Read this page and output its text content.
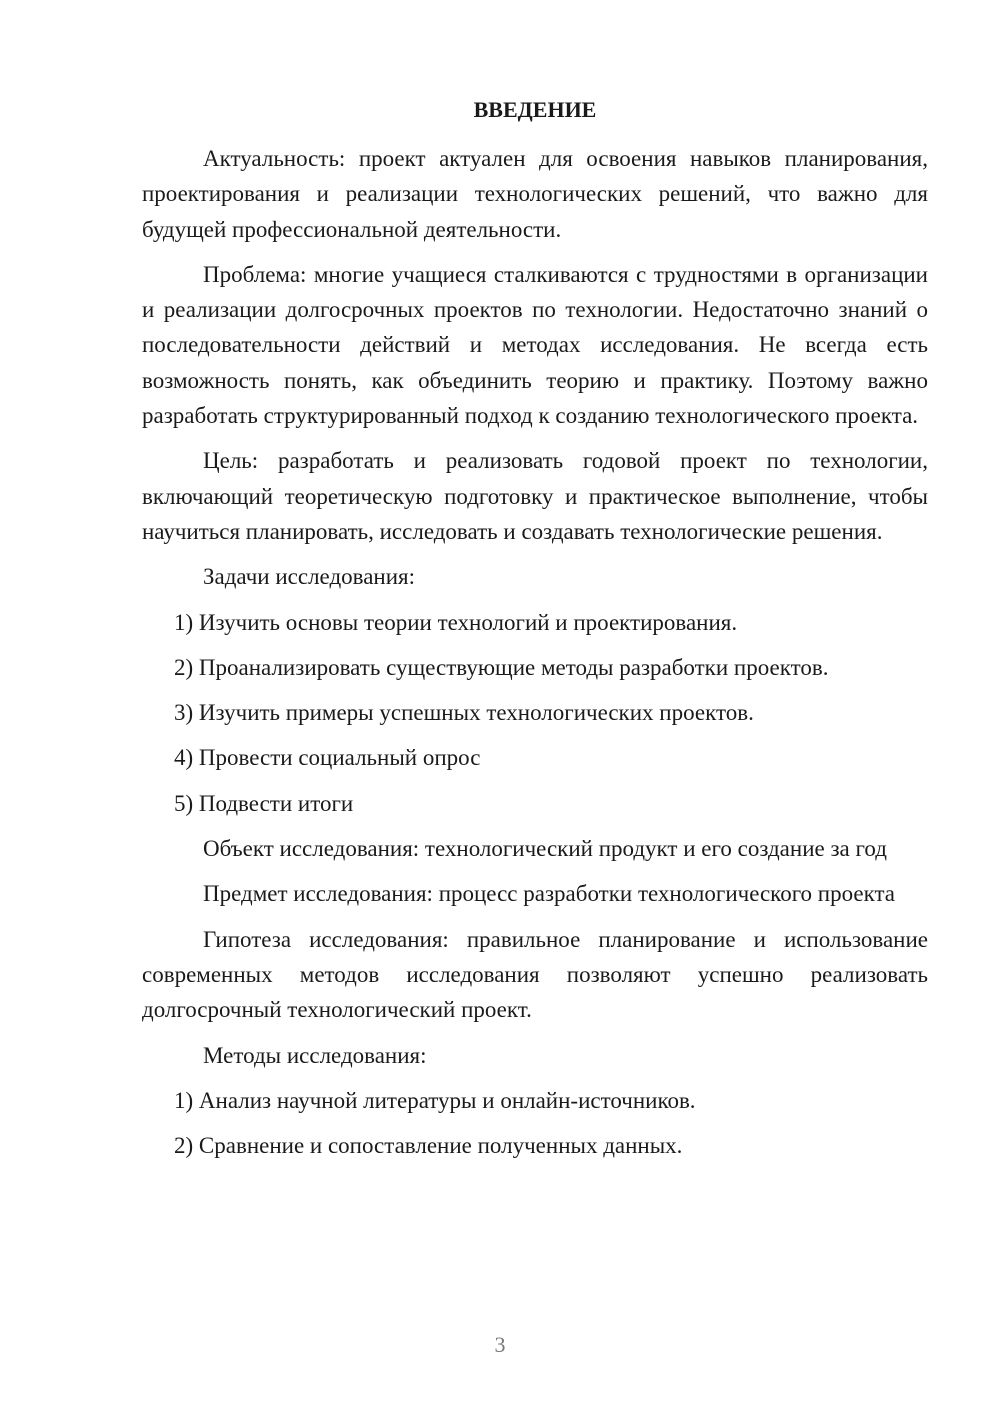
ВВЕДЕНИЕ

Актуальность: проект актуален для освоения навыков планирования, проектирования и реализации технологических решений, что важно для будущей профессиональной деятельности.

Проблема: многие учащиеся сталкиваются с трудностями в организации и реализации долгосрочных проектов по технологии. Недостаточно знаний о последовательности действий и методах исследования. Не всегда есть возможность понять, как объединить теорию и практику. Поэтому важно разработать структурированный подход к созданию технологического проекта.

Цель: разработать и реализовать годовой проект по технологии, включающий теоретическую подготовку и практическое выполнение, чтобы научиться планировать, исследовать и создавать технологические решения.

Задачи исследования:

1) Изучить основы теории технологий и проектирования.

2) Проанализировать существующие методы разработки проектов.

3) Изучить примеры успешных технологических проектов.

4) Провести социальный опрос

5) Подвести итоги

Объект исследования: технологический продукт и его создание за год

Предмет исследования: процесс разработки технологического проекта

Гипотеза исследования: правильное планирование и использование современных методов исследования позволяют успешно реализовать долгосрочный технологический проект.

Методы исследования:

1) Анализ научной литературы и онлайн-источников.

2) Сравнение и сопоставление полученных данных.

3
